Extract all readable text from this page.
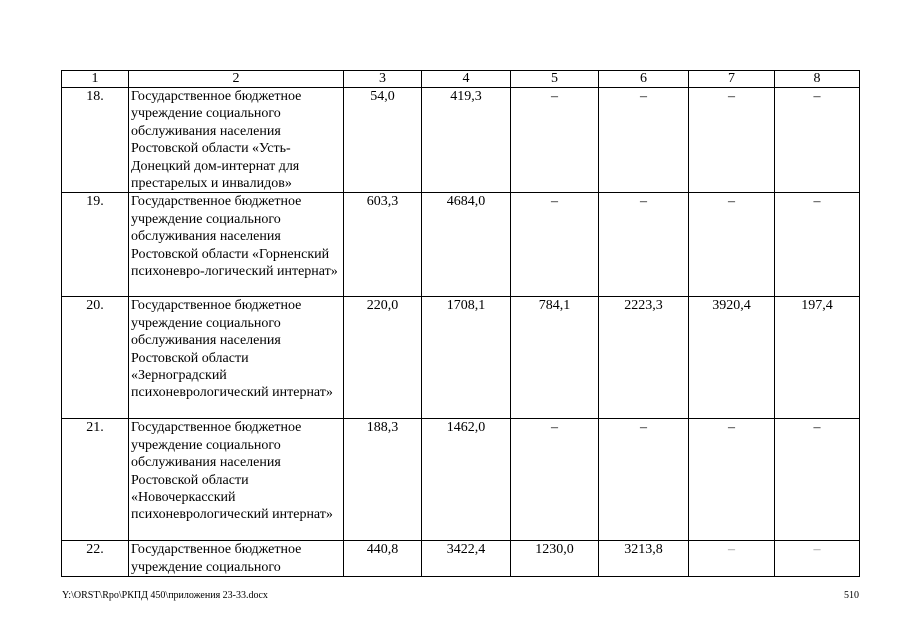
1	2	3	4	5	6	7	8
18.	Государственное бюджетное учреждение социального обслуживания населения Ростовской области «Усть-Донецкий дом-интернат для престарелых и инвалидов»	54,0	419,3	–	–	–	–
19.	Государственное бюджетное учреждение социального обслуживания населения Ростовской области «Горненский психоневро-логический интернат»	603,3	4684,0	–	–	–	–
20.	Государственное бюджетное учреждение социального обслуживания населения Ростовской области «Зерноградский психоневрологический интернат»	220,0	1708,1	784,1	2223,3	3920,4	197,4
21.	Государственное бюджетное учреждение социального обслуживания населения Ростовской области «Новочеркасский психоневрологический интернат»	188,3	1462,0	–	–	–	–
22.	Государственное бюджетное учреждение социального	440,8	3422,4	1230,0	3213,8	–	–
Y:\ORST\Rpo\РКПД 450\приложения 23-33.docx	510
